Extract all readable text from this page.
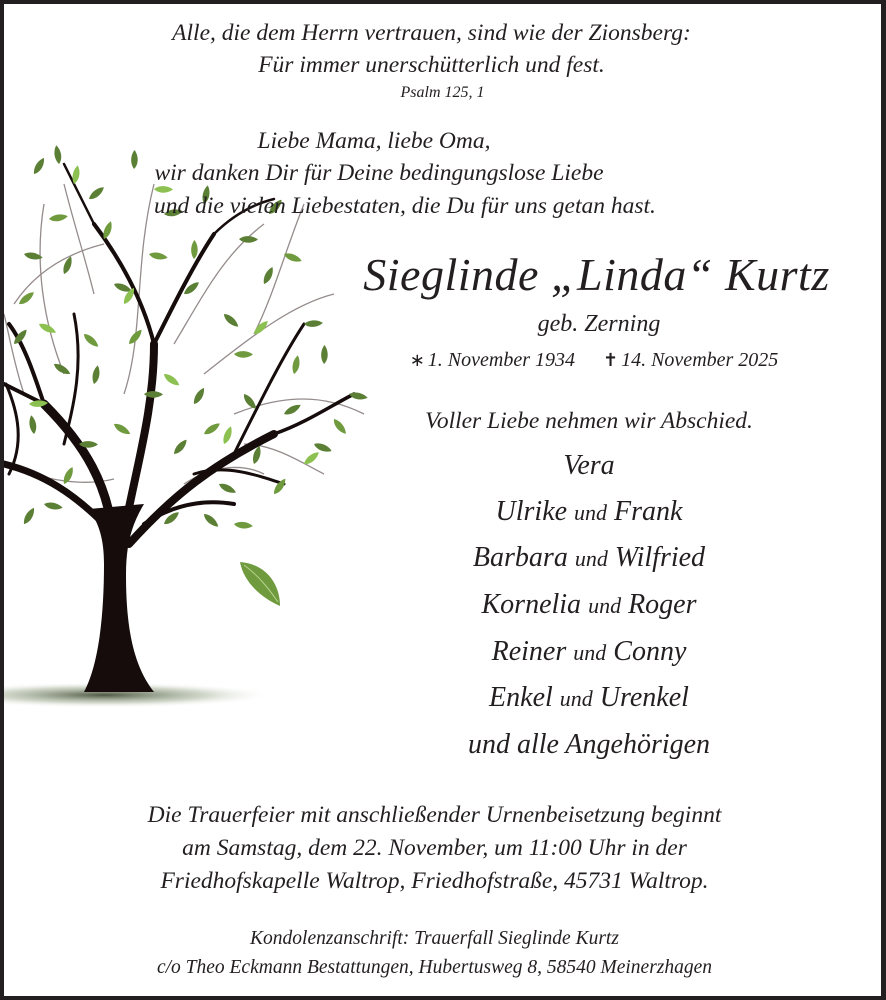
Alle, die dem Herrn vertrauen, sind wie der Zionsberg:
Für immer unerschütterlich und fest.
Psalm 125, 1
Liebe Mama, liebe Oma,
wir danken Dir für Deine bedingungslose Liebe
und die vielen Liebestaten, die Du für uns getan hast.
Sieglinde „Linda“ Kurtz
geb. Zerning
∗ 1. November 1934 ✝ 14. November 2025
Voller Liebe nehmen wir Abschied.
Vera
Ulrike und Frank
Barbara und Wilfried
Kornelia und Roger
Reiner und Conny
Enkel und Urenkel
und alle Angehörigen
Die Trauerfeier mit anschließender Urnenbeisetzung beginnt
am Samstag, dem 22. November, um 11:00 Uhr in der
Friedhofskapelle Waltrop, Friedhofstraße, 45731 Waltrop.
Kondolenzanschrift: Trauerfall Sieglinde Kurtz
c/o Theo Eckmann Bestattungen, Hubertusweg 8, 58540 Meinerzhagen
